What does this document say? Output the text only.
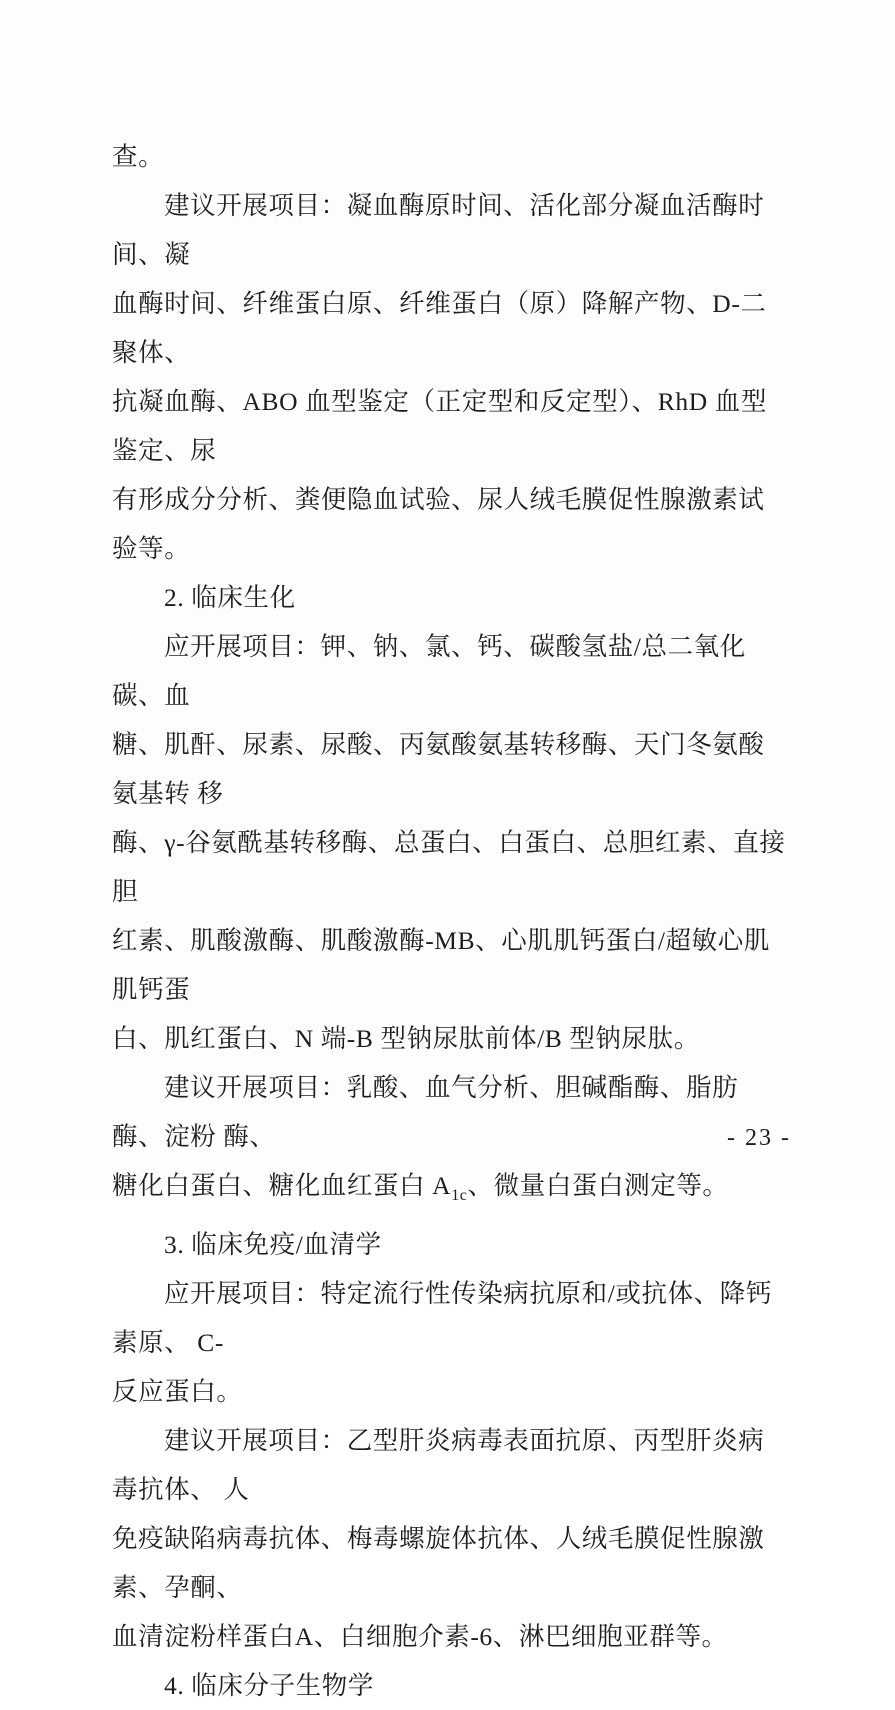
查。

建议开展项目：凝血酶原时间、活化部分凝血活酶时间、凝

血酶时间、纤维蛋白原、纤维蛋白（原）降解产物、D-二聚体、

抗凝血酶、ABO 血型鉴定（正定型和反定型）、RhD 血型鉴定、尿

有形成分分析、粪便隐血试验、尿人绒毛膜促性腺激素试验等。

2. 临床生化

应开展项目：钾、钠、氯、钙、碳酸氢盐/总二氧化碳、血

糖、肌酐、尿素、尿酸、丙氨酸氨基转移酶、天门冬氨酸氨基转 移

酶、γ-谷氨酰基转移酶、总蛋白、白蛋白、总胆红素、直接胆

红素、肌酸激酶、肌酸激酶-MB、心肌肌钙蛋白/超敏心肌肌钙蛋

白、肌红蛋白、N 端-B 型钠尿肽前体/B 型钠尿肽。

建议开展项目：乳酸、血气分析、胆碱酯酶、脂肪酶、淀粉 酶、

糖化白蛋白、糖化血红蛋白 $A_{1c}$、微量白蛋白测定等。

3. 临床免疫/血清学

应开展项目：特定流行性传染病抗原和/或抗体、降钙素原、 C-

反应蛋白。

建议开展项目：乙型肝炎病毒表面抗原、丙型肝炎病毒抗体、 人

免疫缺陷病毒抗体、梅毒螺旋体抗体、人绒毛膜促性腺激素、孕酮、

血清淀粉样蛋白A、白细胞介素-6、淋巴细胞亚群等。

4. 临床分子生物学

- 23 -
